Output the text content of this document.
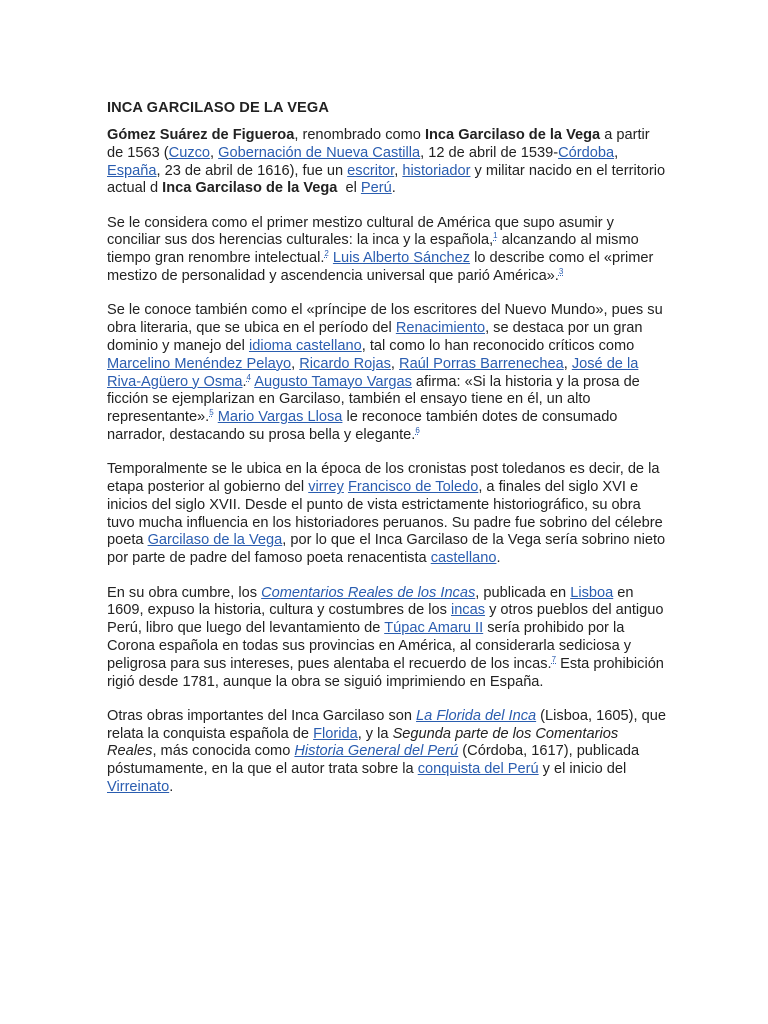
INCA GARCILASO DE LA VEGA

Gómez Suárez de Figueroa, renombrado como Inca Garcilaso de la Vega a partir de 1563 (Cuzco, Gobernación de Nueva Castilla, 12 de abril de 1539-Córdoba, España, 23 de abril de 1616), fue un escritor, historiador y militar nacido en el territorio actual d Inca Garcilaso de la Vega  el Perú.

Se le considera como el primer mestizo cultural de América que supo asumir y conciliar sus dos herencias culturales: la inca y la española,$^1$ alcanzando al mismo tiempo gran renombre intelectual.$^2$ Luis Alberto Sánchez lo describe como el «primer mestizo de personalidad y ascendencia universal que parió América».$^3$

Se le conoce también como el «príncipe de los escritores del Nuevo Mundo», pues su obra literaria, que se ubica en el período del Renacimiento, se destaca por un gran dominio y manejo del idioma castellano, tal como lo han reconocido críticos como Marcelino Menéndez Pelayo, Ricardo Rojas, Raúl Porras Barrenechea, José de la Riva-Agüero y Osma.$^4$ Augusto Tamayo Vargas afirma: «Si la historia y la prosa de ficción se ejemplarizan en Garcilaso, también el ensayo tiene en él, un alto representante».$^5$ Mario Vargas Llosa le reconoce también dotes de consumado narrador, destacando su prosa bella y elegante.$^6$

Temporalmente se le ubica en la época de los cronistas post toledanos es decir, de la etapa posterior al gobierno del virrey Francisco de Toledo, a finales del siglo XVI e inicios del siglo XVII. Desde el punto de vista estrictamente historiográfico, su obra tuvo mucha influencia en los historiadores peruanos. Su padre fue sobrino del célebre poeta Garcilaso de la Vega, por lo que el Inca Garcilaso de la Vega sería sobrino nieto por parte de padre del famoso poeta renacentista castellano.

En su obra cumbre, los Comentarios Reales de los Incas, publicada en Lisboa en 1609, expuso la historia, cultura y costumbres de los incas y otros pueblos del antiguo Perú, libro que luego del levantamiento de Túpac Amaru II sería prohibido por la Corona española en todas sus provincias en América, al considerarla sediciosa y peligrosa para sus intereses, pues alentaba el recuerdo de los incas.$^7$ Esta prohibición rigió desde 1781, aunque la obra se siguió imprimiendo en España.

Otras obras importantes del Inca Garcilaso son La Florida del Inca (Lisboa, 1605), que relata la conquista española de Florida, y la Segunda parte de los Comentarios Reales, más conocida como Historia General del Perú (Córdoba, 1617), publicada póstumamente, en la que el autor trata sobre la conquista del Perú y el inicio del Virreinato.
